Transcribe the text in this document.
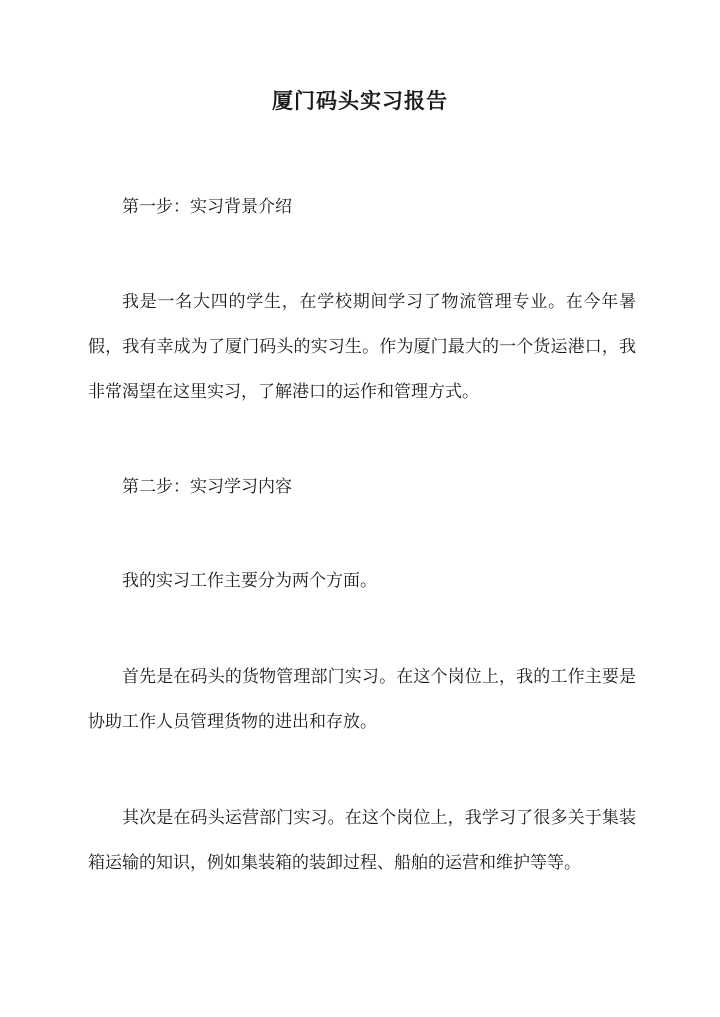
厦门码头实习报告
第一步：实习背景介绍

我是一名大四的学生，在学校期间学习了物流管理专业。在今年暑假，我有幸成为了厦门码头的实习生。作为厦门最大的一个货运港口，我非常渴望在这里实习，了解港口的运作和管理方式。

第二步：实习学习内容

我的实习工作主要分为两个方面。

首先是在码头的货物管理部门实习。在这个岗位上，我的工作主要是协助工作人员管理货物的进出和存放。

其次是在码头运营部门实习。在这个岗位上，我学习了很多关于集装箱运输的知识，例如集装箱的装卸过程、船舶的运营和维护等等。
